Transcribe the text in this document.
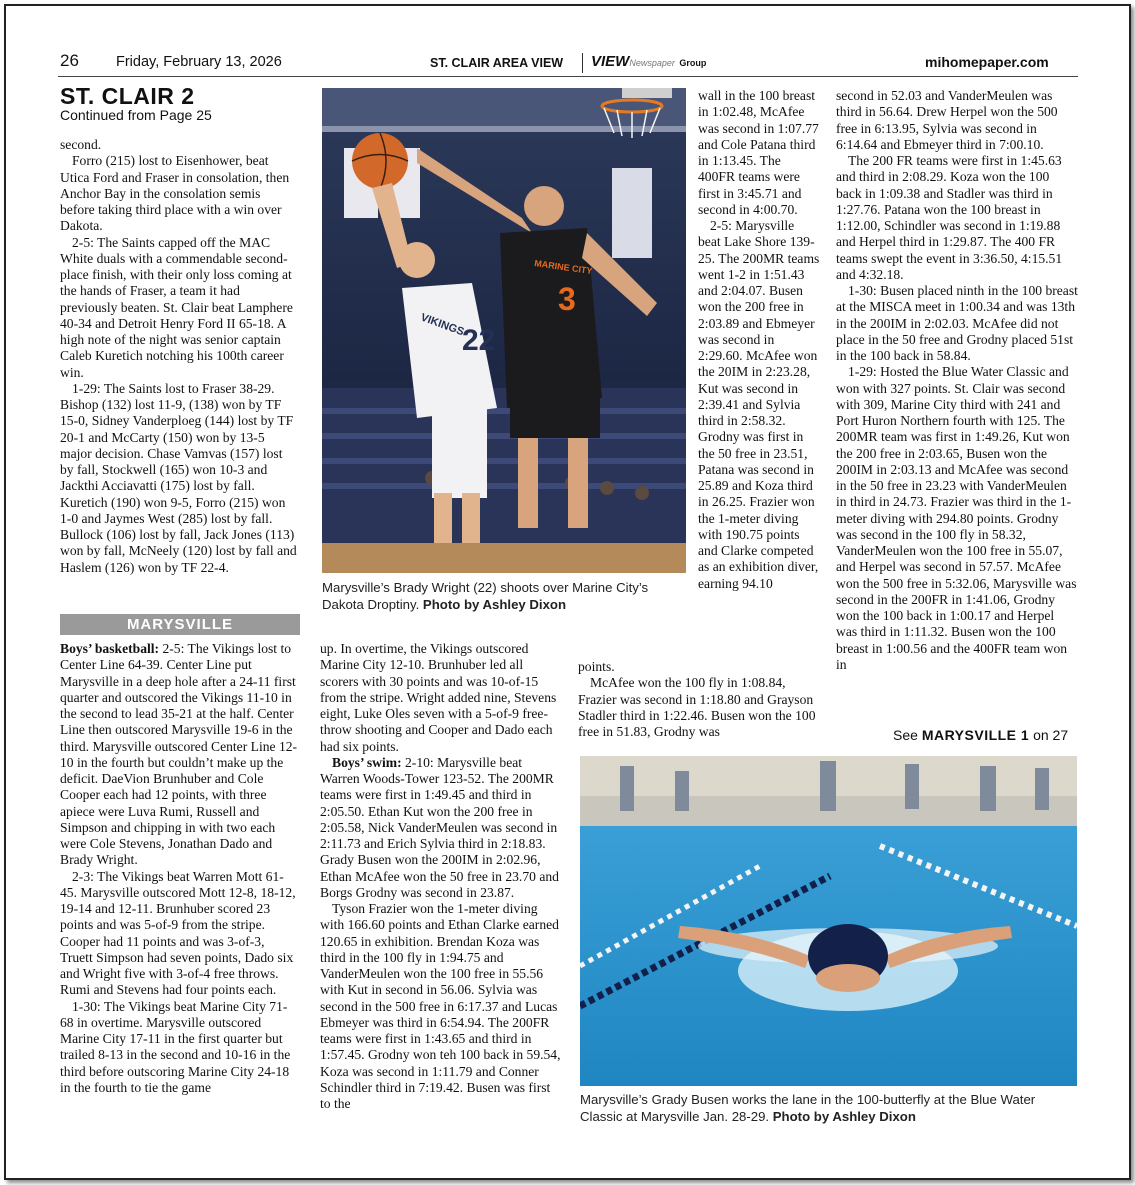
26	Friday, February 13, 2026	ST. CLAIR AREA VIEW VIEWNewspaper Group	mihomepaper.com
ST. CLAIR 2
Continued from Page 25

second.

Forro (215) lost to Eisenhower, beat Utica Ford and Fraser in consolation, then Anchor Bay in the consolation semis before taking third place with a win over Dakota.

2-5: The Saints capped off the MAC White duals with a commendable second-place finish, with their only loss coming at the hands of Fraser, a team it had previously beaten. St. Clair beat Lamphere 40-34 and Detroit Henry Ford II 65-18. A high note of the night was senior captain Caleb Kuretich notching his 100th career win.

1-29: The Saints lost to Fraser 38-29. Bishop (132) lost 11-9, (138) won by TF 15-0, Sidney Vanderploeg (144) lost by TF 20-1 and McCarty (150) won by 13-5 major decision. Chase Vamvas (157) lost by fall, Stockwell (165) won 10-3 and Jackthi Acciavatti (175) lost by fall. Kuretich (190) won 9-5, Forro (215) won 1-0 and Jaymes West (285) lost by fall. Bullock (106) lost by fall, Jack Jones (113) won by fall, McNeely (120) lost by fall and Haslem (126) won by TF 22-4.

MARYSVILLE

Boys’ basketball: 2-5: The Vikings lost to Center Line 64-39. Center Line put Marysville in a deep hole after a 24-11 first quarter and outscored the Vikings 11-10 in the second to lead 35-21 at the half. Center Line then outscored Marysville 19-6 in the third. Marysville outscored Center Line 12-10 in the fourth but couldn’t make up the deficit. DaeVion Brunhuber and Cole Cooper each had 12 points, with three apiece were Luva Rumi, Russell and Simpson and chipping in with two each were Cole Stevens, Jonathan Dado and Brady Wright.

2-3: The Vikings beat Warren Mott 61-45. Marysville outscored Mott 12-8, 18-12, 19-14 and 12-11. Brunhuber scored 23 points and was 5-of-9 from the stripe. Cooper had 11 points and was 3-of-3, Truett Simpson had seven points, Dado six and Wright five with 3-of-4 free throws. Rumi and Stevens had four points each.

1-30: The Vikings beat Marine City 71-68 in overtime. Marysville outscored Marine City 17-11 in the first quarter but trailed 8-13 in the second and 10-16 in the third before outscoring Marine City 24-18 in the fourth to tie the game

22
VIKINGS
3
MARINE CITY
Marysville’s Brady Wright (22) shoots over Marine City’s Dakota Droptiny. Photo by Ashley Dixon

up. In overtime, the Vikings outscored Marine City 12-10. Brunhuber led all scorers with 30 points and was 10-of-15 from the stripe. Wright added nine, Stevens eight, Luke Oles seven with a 5-of-9 free-throw shooting and Cooper and Dado each had six points.

Boys’ swim: 2-10: Marysville beat Warren Woods-Tower 123-52. The 200MR teams were first in 1:49.45 and third in 2:05.50. Ethan Kut won the 200 free in 2:05.58, Nick VanderMeulen was second in 2:11.73 and Erich Sylvia third in 2:18.83. Grady Busen won the 200IM in 2:02.96, Ethan McAfee won the 50 free in 23.70 and Borgs Grodny was second in 23.87.

Tyson Frazier won the 1-meter diving with 166.60 points and Ethan Clarke earned 120.65 in exhibition. Brendan Koza was third in the 100 fly in 1:94.75 and VanderMeulen won the 100 free in 55.56 with Kut in second in 56.06. Sylvia was second in the 500 free in 6:17.37 and Lucas Ebmeyer was third in 6:54.94. The 200FR teams were first in 1:43.65 and third in 1:57.45. Grodny won teh 100 back in 59.54, Koza was second in 1:11.79 and Conner Schindler third in 7:19.42. Busen was first to the

wall in the 100 breast in 1:02.48, McAfee was second in 1:07.77 and Cole Patana third in 1:13.45. The 400FR teams were first in 3:45.71 and second in 4:00.70.

2-5: Marysville beat Lake Shore 139-25. The 200MR teams went 1-2 in 1:51.43 and 2:04.07. Busen won the 200 free in 2:03.89 and Ebmeyer was second in 2:29.60. McAfee won the 20IM in 2:23.28, Kut was second in 2:39.41 and Sylvia third in 2:58.32. Grodny was first in the 50 free in 23.51, Patana was second in 25.89 and Koza third in 26.25. Frazier won the 1-meter diving with 190.75 points and Clarke competed as an exhibition diver, earning 94.10

points.

McAfee won the 100 fly in 1:08.84, Frazier was second in 1:18.80 and Grayson Stadler third in 1:22.46. Busen won the 100 free in 51.83, Grodny was

second in 52.03 and VanderMeulen was third in 56.64. Drew Herpel won the 500 free in 6:13.95, Sylvia was second in 6:14.64 and Ebmeyer third in 7:00.10.

The 200 FR teams were first in 1:45.63 and third in 2:08.29. Koza won the 100 back in 1:09.38 and Stadler was third in 1:27.76. Patana won the 100 breast in 1:12.00, Schindler was second in 1:19.88 and Herpel third in 1:29.87. The 400 FR teams swept the event in 3:36.50, 4:15.51 and 4:32.18.

1-30: Busen placed ninth in the 100 breast at the MISCA meet in 1:00.34 and was 13th in the 200IM in 2:02.03. McAfee did not place in the 50 free and Grodny placed 51st in the 100 back in 58.84.

1-29: Hosted the Blue Water Classic and won with 327 points. St. Clair was second with 309, Marine City third with 241 and Port Huron Northern fourth with 125. The 200MR team was first in 1:49.26, Kut won the 200 free in 2:03.65, Busen won the 200IM in 2:03.13 and McAfee was second in the 50 free in 23.23 with VanderMeulen in third in 24.73. Frazier was third in the 1-meter diving with 294.80 points. Grodny was second in the 100 fly in 58.32, VanderMeulen won the 100 free in 55.07, and Herpel was second in 57.57. McAfee won the 500 free in 5:32.06, Marysville was second in the 200FR in 1:41.06, Grodny won the 100 back in 1:00.17 and Herpel was third in 1:11.32. Busen won the 100 breast in 1:00.56 and the 400FR team won in

See MARYSVILLE 1 on 27
Marysville’s Grady Busen works the lane in the 100-butterfly at the Blue Water Classic at Marysville Jan. 28-29. Photo by Ashley Dixon
